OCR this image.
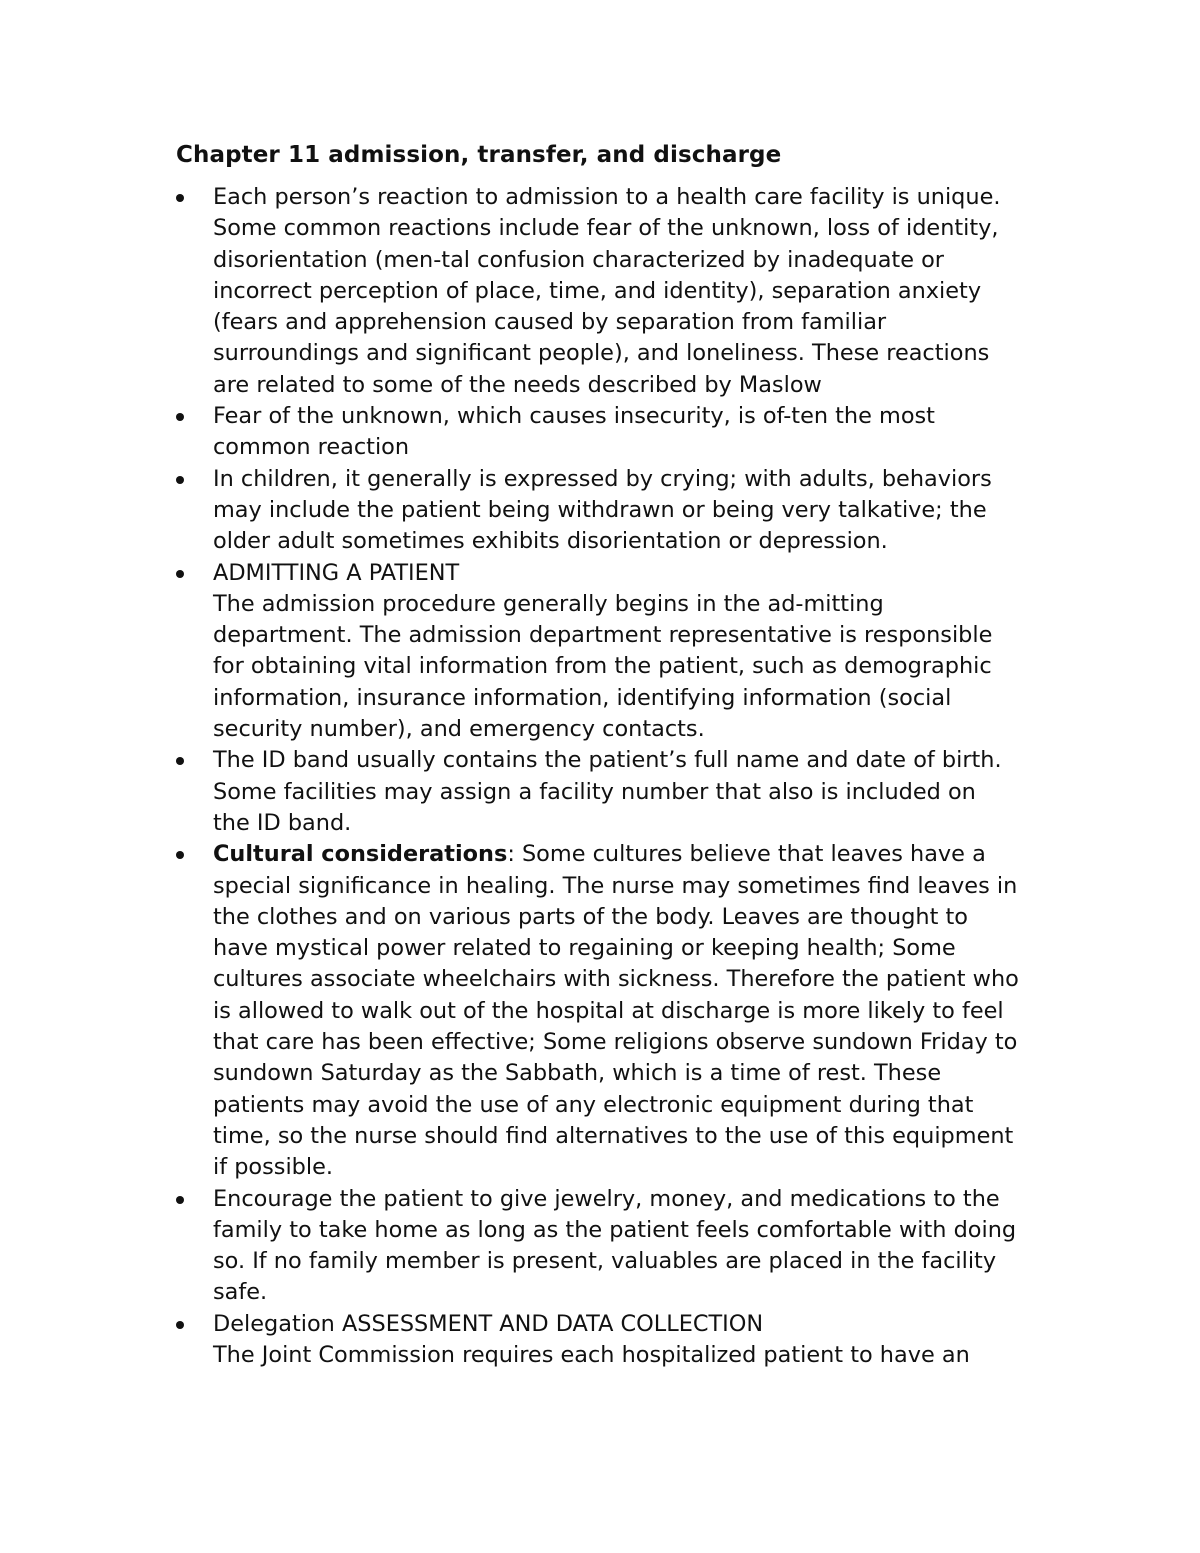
Chapter 11 admission, transfer, and discharge
Each person’s reaction to admission to a health care facility is unique.
Some common reactions include fear of the unknown, loss of identity,
disorientation (men-tal confusion characterized by inadequate or
incorrect perception of place, time, and identity), separation anxiety
(fears and apprehension caused by separation from familiar
surroundings and significant people), and loneliness. These reactions
are related to some of the needs described by Maslow
Fear of the unknown, which causes insecurity, is of-ten the most
common reaction
In children, it generally is expressed by crying; with adults, behaviors
may include the patient being withdrawn or being very talkative; the
older adult sometimes exhibits disorientation or depression.
ADMITTING A PATIENT
The admission procedure generally begins in the ad-mitting
department. The admission department representative is responsible
for obtaining vital information from the patient, such as demographic
information, insurance information, identifying information (social
security number), and emergency contacts.
The ID band usually contains the patient’s full name and date of birth.
Some facilities may assign a facility number that also is included on
the ID band.
Cultural considerations: Some cultures believe that leaves have a
special significance in healing. The nurse may sometimes find leaves in
the clothes and on various parts of the body. Leaves are thought to
have mystical power related to regaining or keeping health; Some
cultures associate wheelchairs with sickness. Therefore the patient who
is allowed to walk out of the hospital at discharge is more likely to feel
that care has been effective; Some religions observe sundown Friday to
sundown Saturday as the Sabbath, which is a time of rest. These
patients may avoid the use of any electronic equipment during that
time, so the nurse should find alternatives to the use of this equipment
if possible.
Encourage the patient to give jewelry, money, and medications to the
family to take home as long as the patient feels comfortable with doing
so. If no family member is present, valuables are placed in the facility
safe.
Delegation ASSESSMENT AND DATA COLLECTION
The Joint Commission requires each hospitalized patient to have an
